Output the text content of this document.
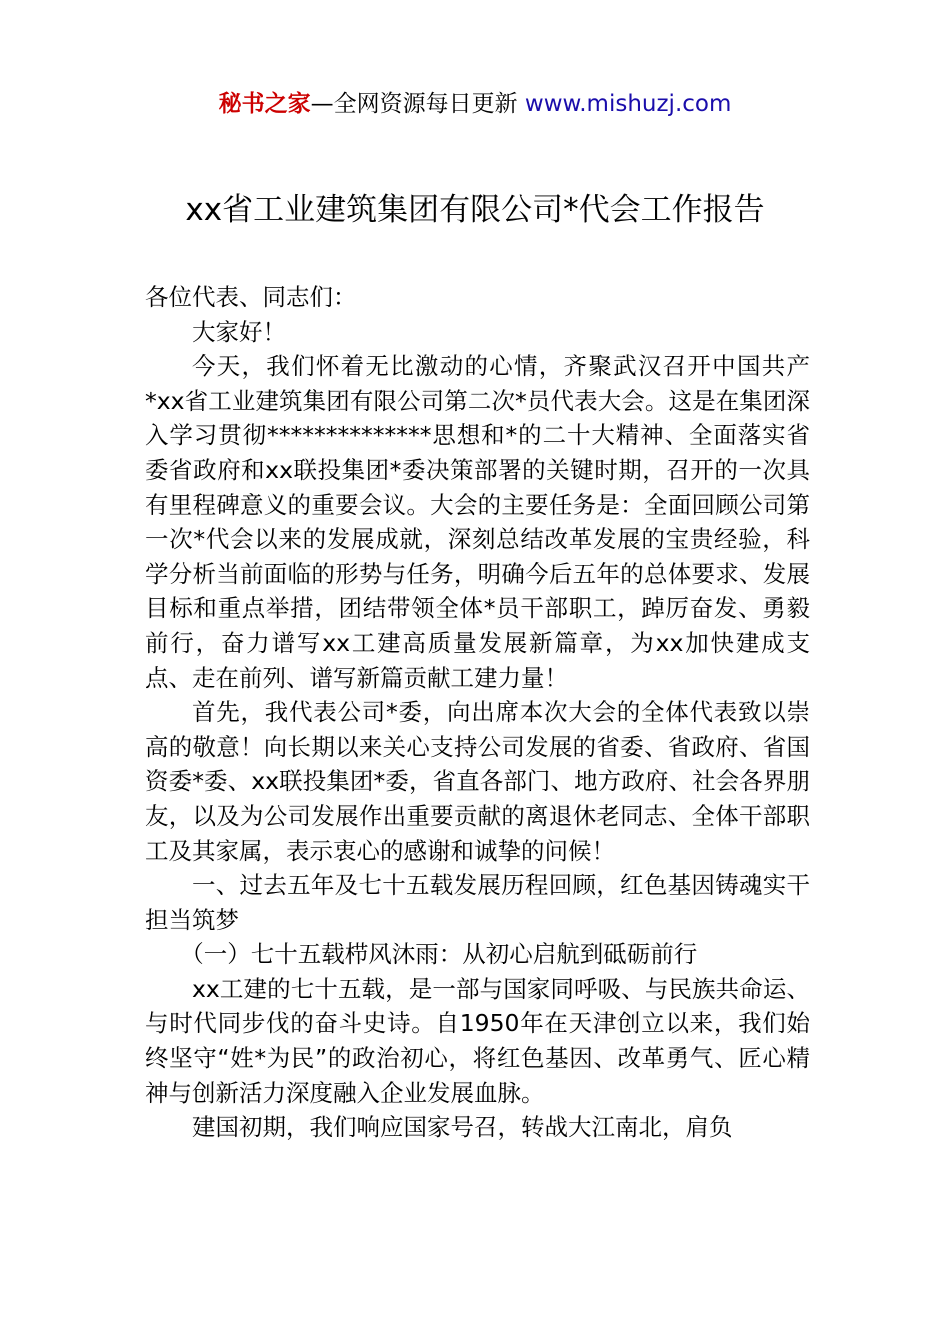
秘书之家—全网资源每日更新 www.mishuzj.com
xx省工业建筑集团有限公司*代会工作报告

各位代表、同志们：

大家好！

今天，我们怀着无比激动的心情，齐聚武汉召开中国共产*xx省工业建筑集团有限公司第二次*员代表大会。这是在集团深入学习贯彻**************思想和*的二十大精神、全面落实省委省政府和xx联投集团*委决策部署的关键时期，召开的一次具有里程碑意义的重要会议。大会的主要任务是：全面回顾公司第一次*代会以来的发展成就，深刻总结改革发展的宝贵经验，科学分析当前面临的形势与任务，明确今后五年的总体要求、发展目标和重点举措，团结带领全体*员干部职工，踔厉奋发、勇毅前行，奋力谱写xx工建高质量发展新篇章，为xx加快建成支点、走在前列、谱写新篇贡献工建力量！

首先，我代表公司*委，向出席本次大会的全体代表致以崇高的敬意！向长期以来关心支持公司发展的省委、省政府、省国资委*委、xx联投集团*委，省直各部门、地方政府、社会各界朋友，以及为公司发展作出重要贡献的离退休老同志、全体干部职工及其家属，表示衷心的感谢和诚挚的问候！

一、过去五年及七十五载发展历程回顾，红色基因铸魂实干担当筑梦

（一）七十五载栉风沐雨：从初心启航到砥砺前行

xx工建的七十五载，是一部与国家同呼吸、与民族共命运、与时代同步伐的奋斗史诗。自1950年在天津创立以来，我们始终坚守“姓*为民”的政治初心，将红色基因、改革勇气、匠心精神与创新活力深度融入企业发展血脉。

建国初期，我们响应国家号召，转战大江南北，肩负
